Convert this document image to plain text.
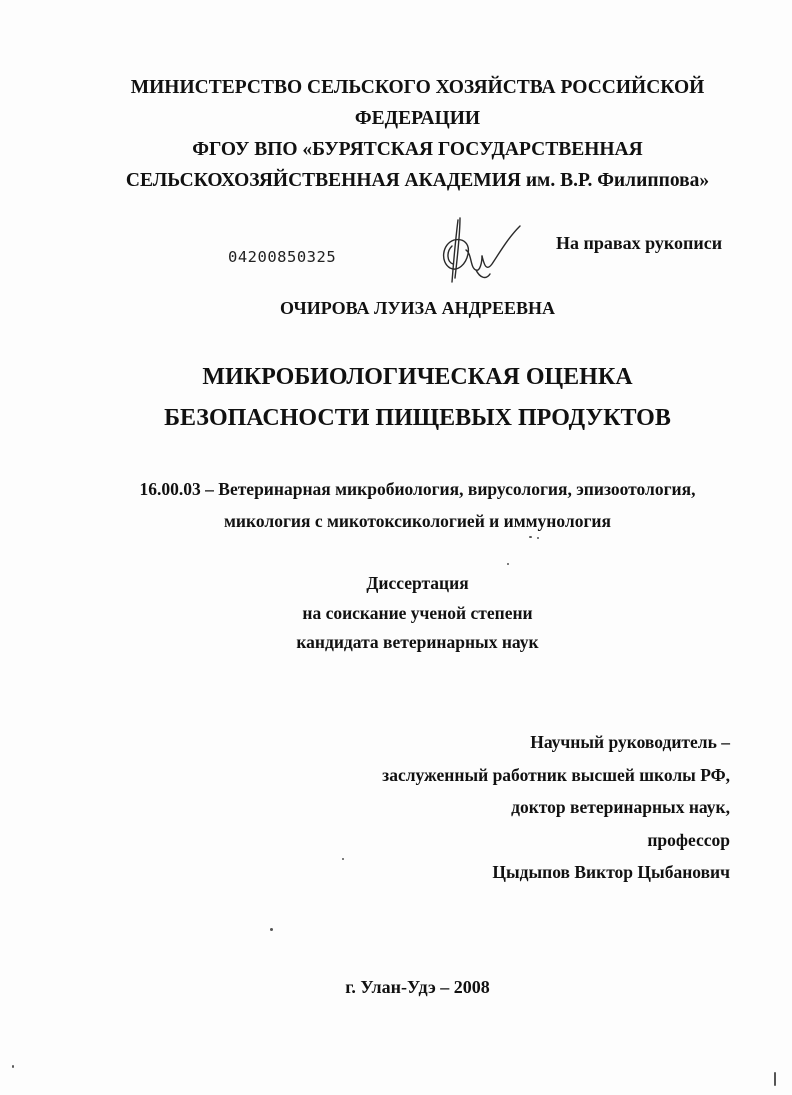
МИНИСТЕРСТВО СЕЛЬСКОГО ХОЗЯЙСТВА РОССИЙСКОЙ
ФЕДЕРАЦИИ
ФГОУ ВПО «БУРЯТСКАЯ ГОСУДАРСТВЕННАЯ
СЕЛЬСКОХОЗЯЙСТВЕННАЯ АКАДЕМИЯ им. В.Р. Филиппова»
04200850325
На правах рукописи
ОЧИРОВА ЛУИЗА АНДРЕЕВНА
МИКРОБИОЛОГИЧЕСКАЯ ОЦЕНКА
БЕЗОПАСНОСТИ ПИЩЕВЫХ ПРОДУКТОВ
16.00.03 – Ветеринарная микробиология, вирусология, эпизоотология,
микология с микотоксикологией и иммунология
Диссертация
на соискание ученой степени
кандидата ветеринарных наук
Научный руководитель –
заслуженный работник высшей школы РФ,
доктор ветеринарных наук,
профессор
Цыдыпов Виктор Цыбанович
г. Улан-Удэ – 2008
